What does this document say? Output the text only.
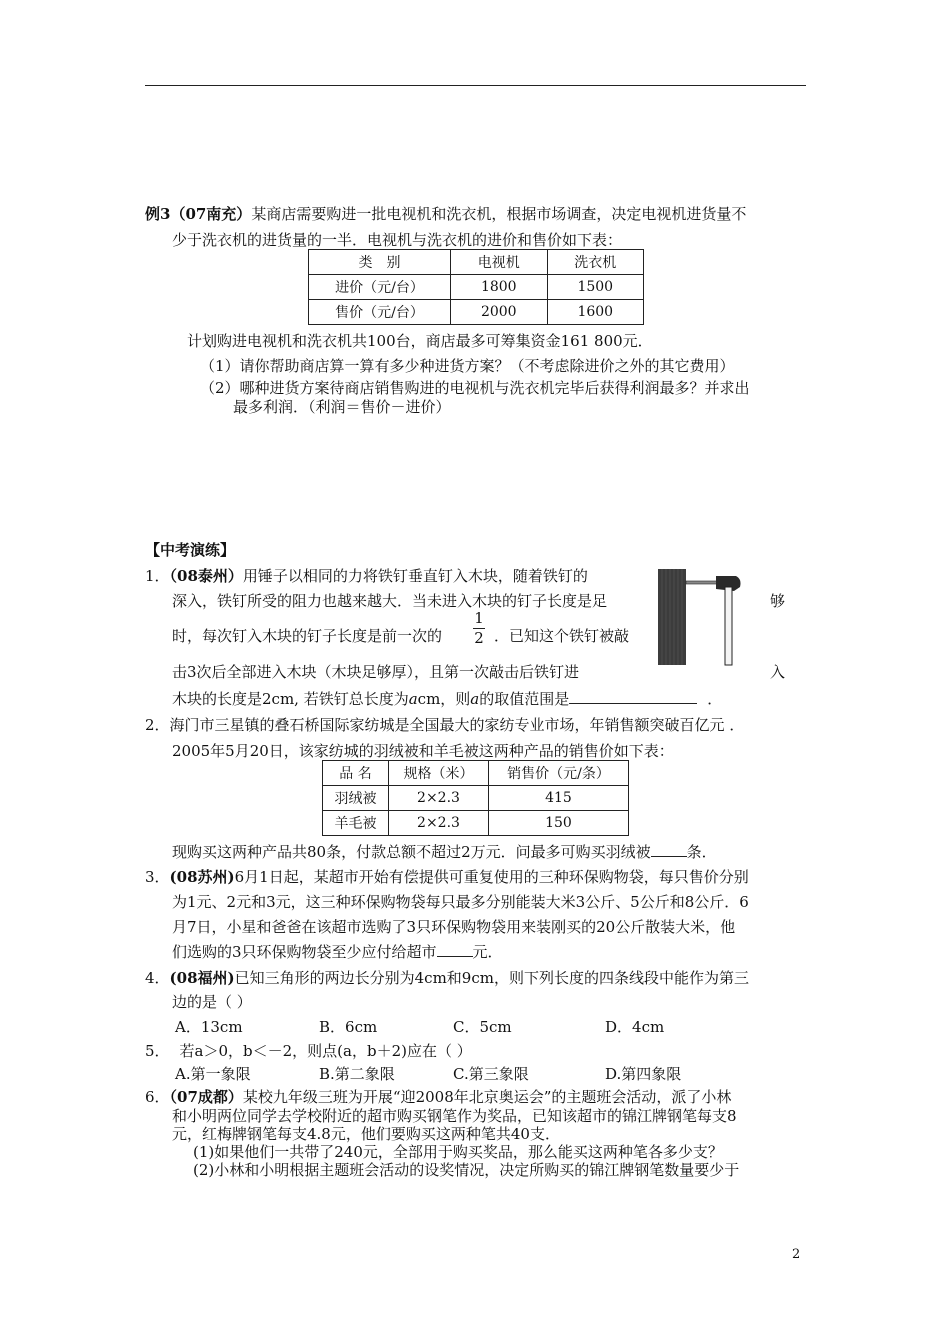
例3（07南充）某商店需要购进一批电视机和洗衣机，根据市场调查，决定电视机进货量不
少于洗衣机的进货量的一半．电视机与洗衣机的进价和售价如下表：
类　别	电视机	洗衣机
进价（元/台）	1800	1500
售价（元/台）	2000	1600
计划购进电视机和洗衣机共100台，商店最多可筹集资金161 800元．
（1）请你帮助商店算一算有多少种进货方案？（不考虑除进价之外的其它费用）
（2）哪种进货方案待商店销售购进的电视机与洗衣机完毕后获得利润最多？并求出
最多利润．（利润＝售价－进价）
【中考演练】
1．（08泰州）用锤子以相同的力将铁钉垂直钉入木块，随着铁钉的
深入，铁钉所受的阻力也越来越大．当未进入木块的钉子长度是足	够
时，每次钉入木块的钉子长度是前一次的
1
2 ．已知这个铁钉被敲
击3次后全部进入木块（木块足够厚），且第一次敲击后铁钉进	入
木块的长度是2cm, 若铁钉总长度为acm，则a的取值范围是	．
2．海门市三星镇的叠石桥国际家纺城是全国最大的家纺专业市场，年销售额突破百亿元 ．
2005年5月20日，该家纺城的羽绒被和羊毛被这两种产品的销售价如下表：
品 名	规格（米）	销售价（元/条）
羽绒被	2×2.3	415
羊毛被	2×2.3	150
现购买这两种产品共80条，付款总额不超过2万元．问最多可购买羽绒被 条．
3．(08苏州)6月1日起，某超市开始有偿提供可重复使用的三种环保购物袋，每只售价分别
为1元、2元和3元，这三种环保购物袋每只最多分别能装大米3公斤、5公斤和8公斤．6
月7日，小星和爸爸在该超市选购了3只环保购物袋用来装刚买的20公斤散装大米，他
们选购的3只环保购物袋至少应付给超市 元．
4．(08福州)已知三角形的两边长分别为4cm和9cm，则下列长度的四条线段中能作为第三
边的是（ ）
A．13cm	B．6cm	C．5cm	D．4cm
5． 若a＞0，b＜－2，则点(a，b＋2)应在（ ）
A.第一象限	B.第二象限	C.第三象限	D.第四象限
6．（07成都）某校九年级三班为开展“迎2008年北京奥运会”的主题班会活动，派了小林
和小明两位同学去学校附近的超市购买钢笔作为奖品，已知该超市的锦江牌钢笔每支8
元，红梅牌钢笔每支4.8元，他们要购买这两种笔共40支．
(1)如果他们一共带了240元，全部用于购买奖品，那么能买这两种笔各多少支？
(2)小林和小明根据主题班会活动的设奖情况，决定所购买的锦江牌钢笔数量要少于
2
